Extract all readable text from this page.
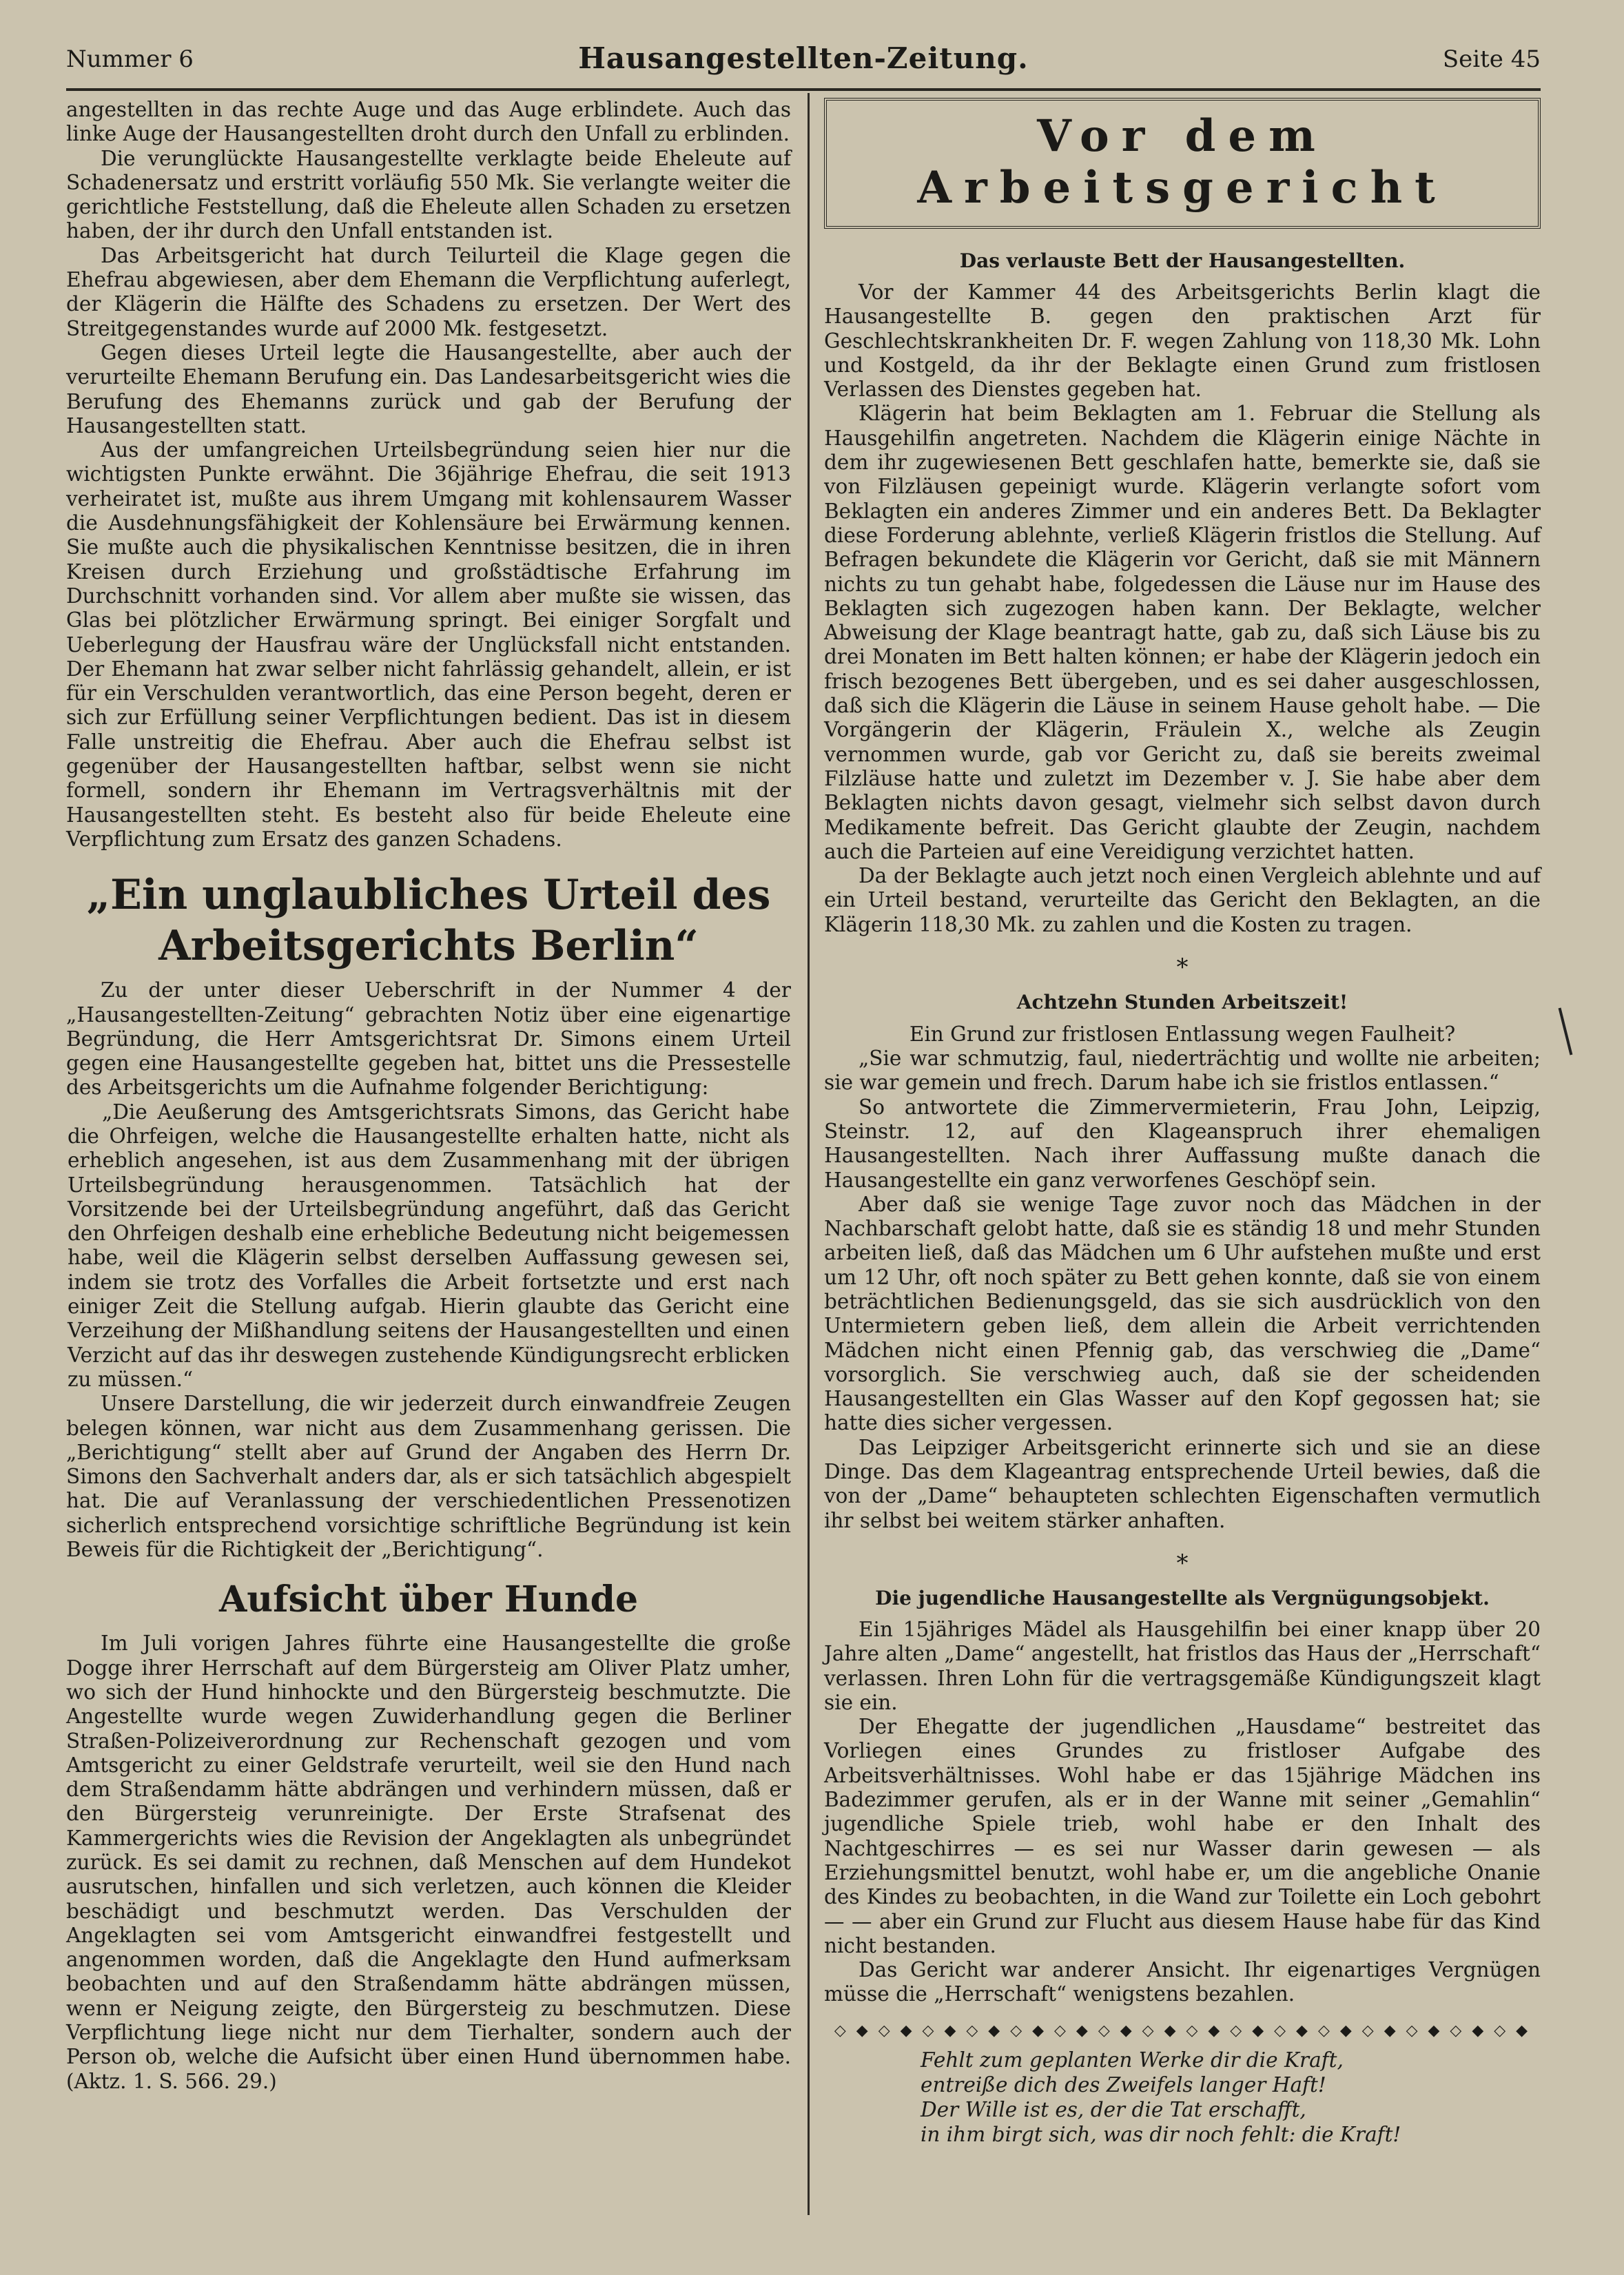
Nummer 6	Hausangestellten-Zeitung.	Seite 45

angestellten in das rechte Auge und das Auge erblindete. Auch das linke Auge der Hausangestellten droht durch den Unfall zu erblinden.

Die verunglückte Hausangestellte verklagte beide Eheleute auf Schadenersatz und erstritt vorläufig 550 Mk. Sie verlangte weiter die gerichtliche Feststellung, daß die Eheleute allen Schaden zu ersetzen haben, der ihr durch den Unfall entstanden ist.

Das Arbeitsgericht hat durch Teilurteil die Klage gegen die Ehefrau abgewiesen, aber dem Ehemann die Verpflichtung auferlegt, der Klägerin die Hälfte des Schadens zu ersetzen. Der Wert des Streitgegenstandes wurde auf 2000 Mk. festgesetzt.

Gegen dieses Urteil legte die Hausangestellte, aber auch der verurteilte Ehemann Berufung ein. Das Landesarbeitsgericht wies die Berufung des Ehemanns zurück und gab der Berufung der Hausangestellten statt.

Aus der umfangreichen Urteilsbegründung seien hier nur die wichtigsten Punkte erwähnt. Die 36jährige Ehefrau, die seit 1913 verheiratet ist, mußte aus ihrem Umgang mit kohlensaurem Wasser die Ausdehnungsfähigkeit der Kohlensäure bei Erwärmung kennen. Sie mußte auch die physikalischen Kenntnisse besitzen, die in ihren Kreisen durch Erziehung und großstädtische Erfahrung im Durchschnitt vorhanden sind. Vor allem aber mußte sie wissen, das Glas bei plötzlicher Erwärmung springt. Bei einiger Sorgfalt und Ueberlegung der Hausfrau wäre der Unglücksfall nicht entstanden. Der Ehemann hat zwar selber nicht fahrlässig gehandelt, allein, er ist für ein Verschulden verantwortlich, das eine Person begeht, deren er sich zur Erfüllung seiner Verpflichtungen bedient. Das ist in diesem Falle unstreitig die Ehefrau. Aber auch die Ehefrau selbst ist gegenüber der Hausangestellten haftbar, selbst wenn sie nicht formell, sondern ihr Ehemann im Vertragsverhältnis mit der Hausangestellten steht. Es besteht also für beide Eheleute eine Verpflichtung zum Ersatz des ganzen Schadens.

„Ein unglaubliches Urteil des Arbeitsgerichts Berlin“

Zu der unter dieser Ueberschrift in der Nummer 4 der „Hausangestellten-Zeitung“ gebrachten Notiz über eine eigenartige Begründung, die Herr Amtsgerichtsrat Dr. Simons einem Urteil gegen eine Hausangestellte gegeben hat, bittet uns die Pressestelle des Arbeitsgerichts um die Aufnahme folgender Berichtigung:

„Die Aeußerung des Amtsgerichtsrats Simons, das Gericht habe die Ohrfeigen, welche die Hausangestellte erhalten hatte, nicht als erheblich angesehen, ist aus dem Zusammenhang mit der übrigen Urteilsbegründung herausgenommen. Tatsächlich hat der Vorsitzende bei der Urteilsbegründung angeführt, daß das Gericht den Ohrfeigen deshalb eine erhebliche Bedeutung nicht beigemessen habe, weil die Klägerin selbst derselben Auffassung gewesen sei, indem sie trotz des Vorfalles die Arbeit fortsetzte und erst nach einiger Zeit die Stellung aufgab. Hierin glaubte das Gericht eine Verzeihung der Mißhandlung seitens der Hausangestellten und einen Verzicht auf das ihr deswegen zustehende Kündigungsrecht erblicken zu müssen.“

Unsere Darstellung, die wir jederzeit durch einwandfreie Zeugen belegen können, war nicht aus dem Zusammenhang gerissen. Die „Berichtigung“ stellt aber auf Grund der Angaben des Herrn Dr. Simons den Sachverhalt anders dar, als er sich tatsächlich abgespielt hat. Die auf Veranlassung der verschiedentlichen Pressenotizen sicherlich entsprechend vorsichtige schriftliche Begründung ist kein Beweis für die Richtigkeit der „Berichtigung“.

Aufsicht über Hunde

Im Juli vorigen Jahres führte eine Hausangestellte die große Dogge ihrer Herrschaft auf dem Bürgersteig am Oliver Platz umher, wo sich der Hund hinhockte und den Bürgersteig beschmutzte. Die Angestellte wurde wegen Zuwiderhandlung gegen die Berliner Straßen-Polizeiverordnung zur Rechenschaft gezogen und vom Amtsgericht zu einer Geldstrafe verurteilt, weil sie den Hund nach dem Straßendamm hätte abdrängen und verhindern müssen, daß er den Bürgersteig verunreinigte. Der Erste Strafsenat des Kammergerichts wies die Revision der Angeklagten als unbegründet zurück. Es sei damit zu rechnen, daß Menschen auf dem Hundekot ausrutschen, hinfallen und sich verletzen, auch können die Kleider beschädigt und beschmutzt werden. Das Verschulden der Angeklagten sei vom Amtsgericht einwandfrei festgestellt und angenommen worden, daß die Angeklagte den Hund aufmerksam beobachten und auf den Straßendamm hätte abdrängen müssen, wenn er Neigung zeigte, den Bürgersteig zu beschmutzen. Diese Verpflichtung liege nicht nur dem Tierhalter, sondern auch der Person ob, welche die Aufsicht über einen Hund übernommen habe. (Aktz. 1. S. 566. 29.)

Vor dem Arbeitsgericht
Das verlauste Bett der Hausangestellten.

Vor der Kammer 44 des Arbeitsgerichts Berlin klagt die Hausangestellte B. gegen den praktischen Arzt für Geschlechtskrankheiten Dr. F. wegen Zahlung von 118,30 Mk. Lohn und Kostgeld, da ihr der Beklagte einen Grund zum fristlosen Verlassen des Dienstes gegeben hat.

Klägerin hat beim Beklagten am 1. Februar die Stellung als Hausgehilfin angetreten. Nachdem die Klägerin einige Nächte in dem ihr zugewiesenen Bett geschlafen hatte, bemerkte sie, daß sie von Filzläusen gepeinigt wurde. Klägerin verlangte sofort vom Beklagten ein anderes Zimmer und ein anderes Bett. Da Beklagter diese Forderung ablehnte, verließ Klägerin fristlos die Stellung. Auf Befragen bekundete die Klägerin vor Gericht, daß sie mit Männern nichts zu tun gehabt habe, folgedessen die Läuse nur im Hause des Beklagten sich zugezogen haben kann. Der Beklagte, welcher Abweisung der Klage beantragt hatte, gab zu, daß sich Läuse bis zu drei Monaten im Bett halten können; er habe der Klägerin jedoch ein frisch bezogenes Bett übergeben, und es sei daher ausgeschlossen, daß sich die Klägerin die Läuse in seinem Hause geholt habe. — Die Vorgängerin der Klägerin, Fräulein X., welche als Zeugin vernommen wurde, gab vor Gericht zu, daß sie bereits zweimal Filzläuse hatte und zuletzt im Dezember v. J. Sie habe aber dem Beklagten nichts davon gesagt, vielmehr sich selbst davon durch Medikamente befreit. Das Gericht glaubte der Zeugin, nachdem auch die Parteien auf eine Vereidigung verzichtet hatten.

Da der Beklagte auch jetzt noch einen Vergleich ablehnte und auf ein Urteil bestand, verurteilte das Gericht den Beklagten, an die Klägerin 118,30 Mk. zu zahlen und die Kosten zu tragen.

*
Achtzehn Stunden Arbeitszeit!
Ein Grund zur fristlosen Entlassung wegen Faulheit?

„Sie war schmutzig, faul, niederträchtig und wollte nie arbeiten; sie war gemein und frech. Darum habe ich sie fristlos entlassen.“

So antwortete die Zimmervermieterin, Frau John, Leipzig, Steinstr. 12, auf den Klageanspruch ihrer ehemaligen Hausangestellten. Nach ihrer Auffassung mußte danach die Hausangestellte ein ganz verworfenes Geschöpf sein.

Aber daß sie wenige Tage zuvor noch das Mädchen in der Nachbarschaft gelobt hatte, daß sie es ständig 18 und mehr Stunden arbeiten ließ, daß das Mädchen um 6 Uhr aufstehen mußte und erst um 12 Uhr, oft noch später zu Bett gehen konnte, daß sie von einem beträchtlichen Bedienungsgeld, das sie sich ausdrücklich von den Untermietern geben ließ, dem allein die Arbeit verrichtenden Mädchen nicht einen Pfennig gab, das verschwieg die „Dame“ vorsorglich. Sie verschwieg auch, daß sie der scheidenden Hausangestellten ein Glas Wasser auf den Kopf gegossen hat; sie hatte dies sicher vergessen.

Das Leipziger Arbeitsgericht erinnerte sich und sie an diese Dinge. Das dem Klageantrag entsprechende Urteil bewies, daß die von der „Dame“ behaupteten schlechten Eigenschaften vermutlich ihr selbst bei weitem stärker anhaften.

*
Die jugendliche Hausangestellte als Vergnügungsobjekt.

Ein 15jähriges Mädel als Hausgehilfin bei einer knapp über 20 Jahre alten „Dame“ angestellt, hat fristlos das Haus der „Herrschaft“ verlassen. Ihren Lohn für die vertragsgemäße Kündigungszeit klagt sie ein.

Der Ehegatte der jugendlichen „Hausdame“ bestreitet das Vorliegen eines Grundes zu fristloser Aufgabe des Arbeitsverhältnisses. Wohl habe er das 15jährige Mädchen ins Badezimmer gerufen, als er in der Wanne mit seiner „Gemahlin“ jugendliche Spiele trieb, wohl habe er den Inhalt des Nachtgeschirres — es sei nur Wasser darin gewesen — als Erziehungsmittel benutzt, wohl habe er, um die angebliche Onanie des Kindes zu beobachten, in die Wand zur Toilette ein Loch gebohrt — — aber ein Grund zur Flucht aus diesem Hause habe für das Kind nicht bestanden.

Das Gericht war anderer Ansicht. Ihr eigenartiges Vergnügen müsse die „Herrschaft“ wenigstens bezahlen.

◇ ◆ ◇ ◆ ◇ ◆ ◇ ◆ ◇ ◆ ◇ ◆ ◇ ◆ ◇ ◆ ◇ ◆ ◇ ◆ ◇ ◆ ◇ ◆ ◇ ◆ ◇ ◆ ◇ ◆ ◇ ◆
Fehlt zum geplanten Werke dir die Kraft,
entreiße dich des Zweifels langer Haft!
Der Wille ist es, der die Tat erschafft,
in ihm birgt sich, was dir noch fehlt: die Kraft!
